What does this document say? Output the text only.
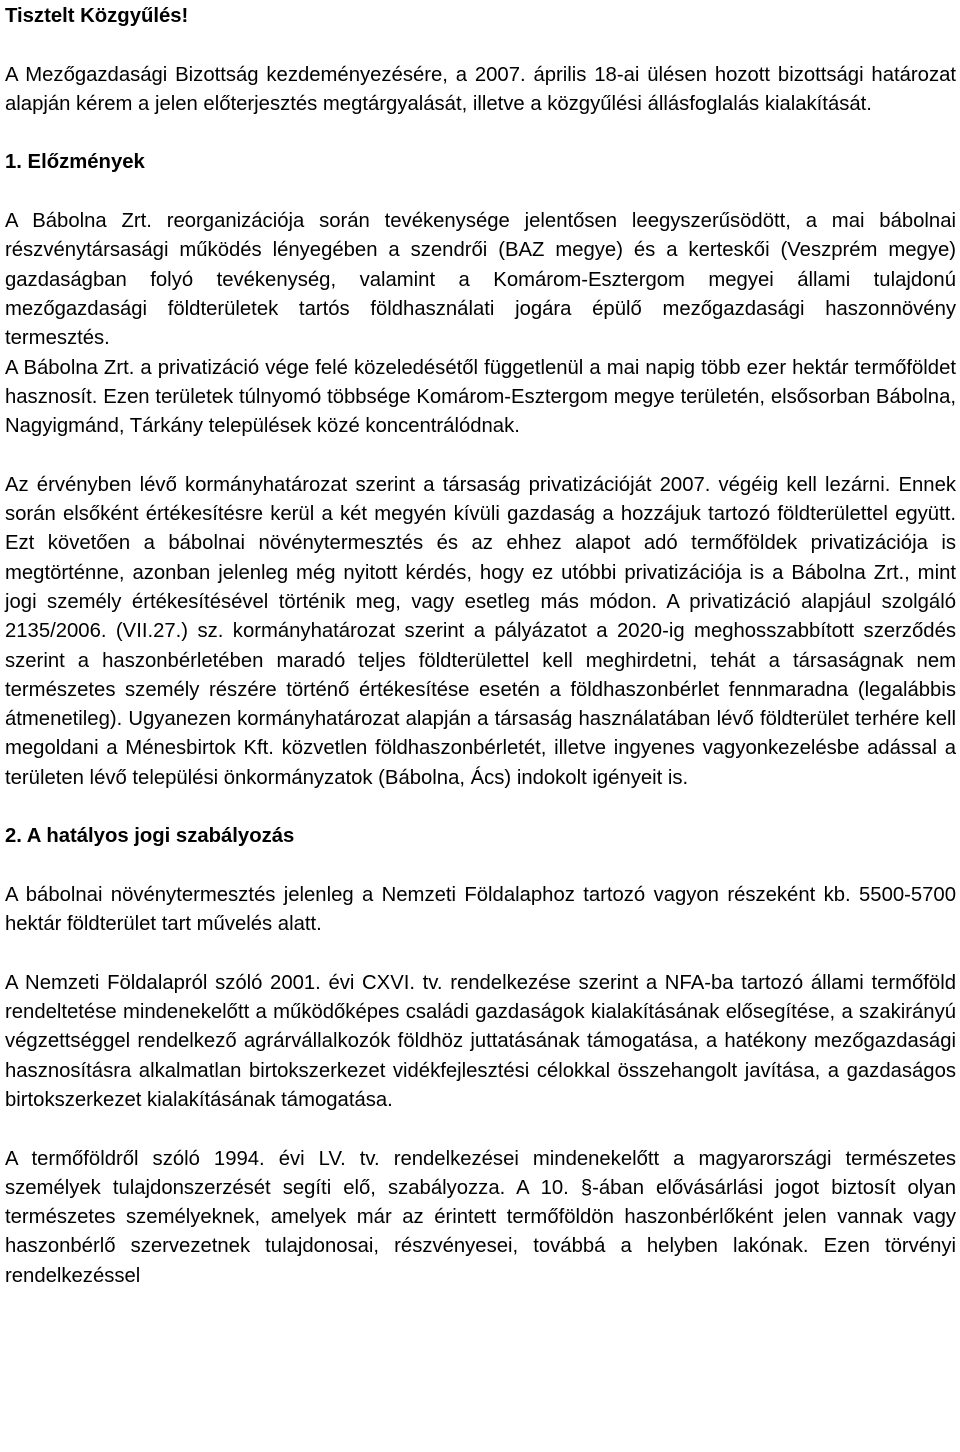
Tisztelt Közgyűlés!

A Mezőgazdasági Bizottság kezdeményezésére, a 2007. április 18-ai ülésen hozott bizottsági határozat alapján kérem a jelen előterjesztés megtárgyalását, illetve a közgyűlési állásfoglalás kialakítását.

1. Előzmények

A Bábolna Zrt. reorganizációja során tevékenysége jelentősen leegyszerűsödött, a mai bábolnai részvénytársasági működés lényegében a szendrői (BAZ megye) és a kerteskői (Veszprém megye) gazdaságban folyó tevékenység, valamint a Komárom-Esztergom megyei állami tulajdonú mezőgazdasági földterületek tartós földhasználati jogára épülő mezőgazdasági haszonnövény termesztés.

A Bábolna Zrt. a privatizáció vége felé közeledésétől függetlenül a mai napig több ezer hektár termőföldet hasznosít. Ezen területek túlnyomó többsége Komárom-Esztergom megye területén, elsősorban Bábolna, Nagyigmánd, Tárkány települések közé koncentrálódnak.

Az érvényben lévő kormányhatározat szerint a társaság privatizációját 2007. végéig kell lezárni. Ennek során elsőként értékesítésre kerül a két megyén kívüli gazdaság a hozzájuk tartozó földterülettel együtt. Ezt követően a bábolnai növénytermesztés és az ehhez alapot adó termőföldek privatizációja is megtörténne, azonban jelenleg még nyitott kérdés, hogy ez utóbbi privatizációja is a Bábolna Zrt., mint jogi személy értékesítésével történik meg, vagy esetleg más módon. A privatizáció alapjául szolgáló 2135/2006. (VII.27.) sz. kormányhatározat szerint a pályázatot a 2020-ig meghosszabbított szerződés szerint a haszonbérletében maradó teljes földterülettel kell meghirdetni, tehát a társaságnak nem természetes személy részére történő értékesítése esetén a földhaszonbérlet fennmaradna (legalábbis átmenetileg). Ugyanezen kormányhatározat alapján a társaság használatában lévő földterület terhére kell megoldani a Ménesbirtok Kft. közvetlen földhaszonbérletét, illetve ingyenes vagyonkezelésbe adással a területen lévő települési önkormányzatok (Bábolna, Ács) indokolt igényeit is.

2. A hatályos jogi szabályozás

A bábolnai növénytermesztés jelenleg a Nemzeti Földalaphoz tartozó vagyon részeként kb. 5500-5700 hektár földterület tart művelés alatt.

A Nemzeti Földalapról szóló 2001. évi CXVI. tv. rendelkezése szerint a NFA-ba tartozó állami termőföld rendeltetése mindenekelőtt a működőképes családi gazdaságok kialakításának elősegítése, a szakirányú végzettséggel rendelkező agrárvállalkozók földhöz juttatásának támogatása, a hatékony mezőgazdasági hasznosításra alkalmatlan birtokszerkezet vidékfejlesztési célokkal összehangolt javítása, a gazdaságos birtokszerkezet kialakításának támogatása.

A termőföldről szóló 1994. évi LV. tv. rendelkezései mindenekelőtt a magyarországi természetes személyek tulajdonszerzését segíti elő, szabályozza. A 10. §-ában elővásárlási jogot biztosít olyan természetes személyeknek, amelyek már az érintett termőföldön haszonbérlőként jelen vannak vagy haszonbérlő szervezetnek tulajdonosai, részvényesei, továbbá a helyben lakónak. Ezen törvényi rendelkezéssel
